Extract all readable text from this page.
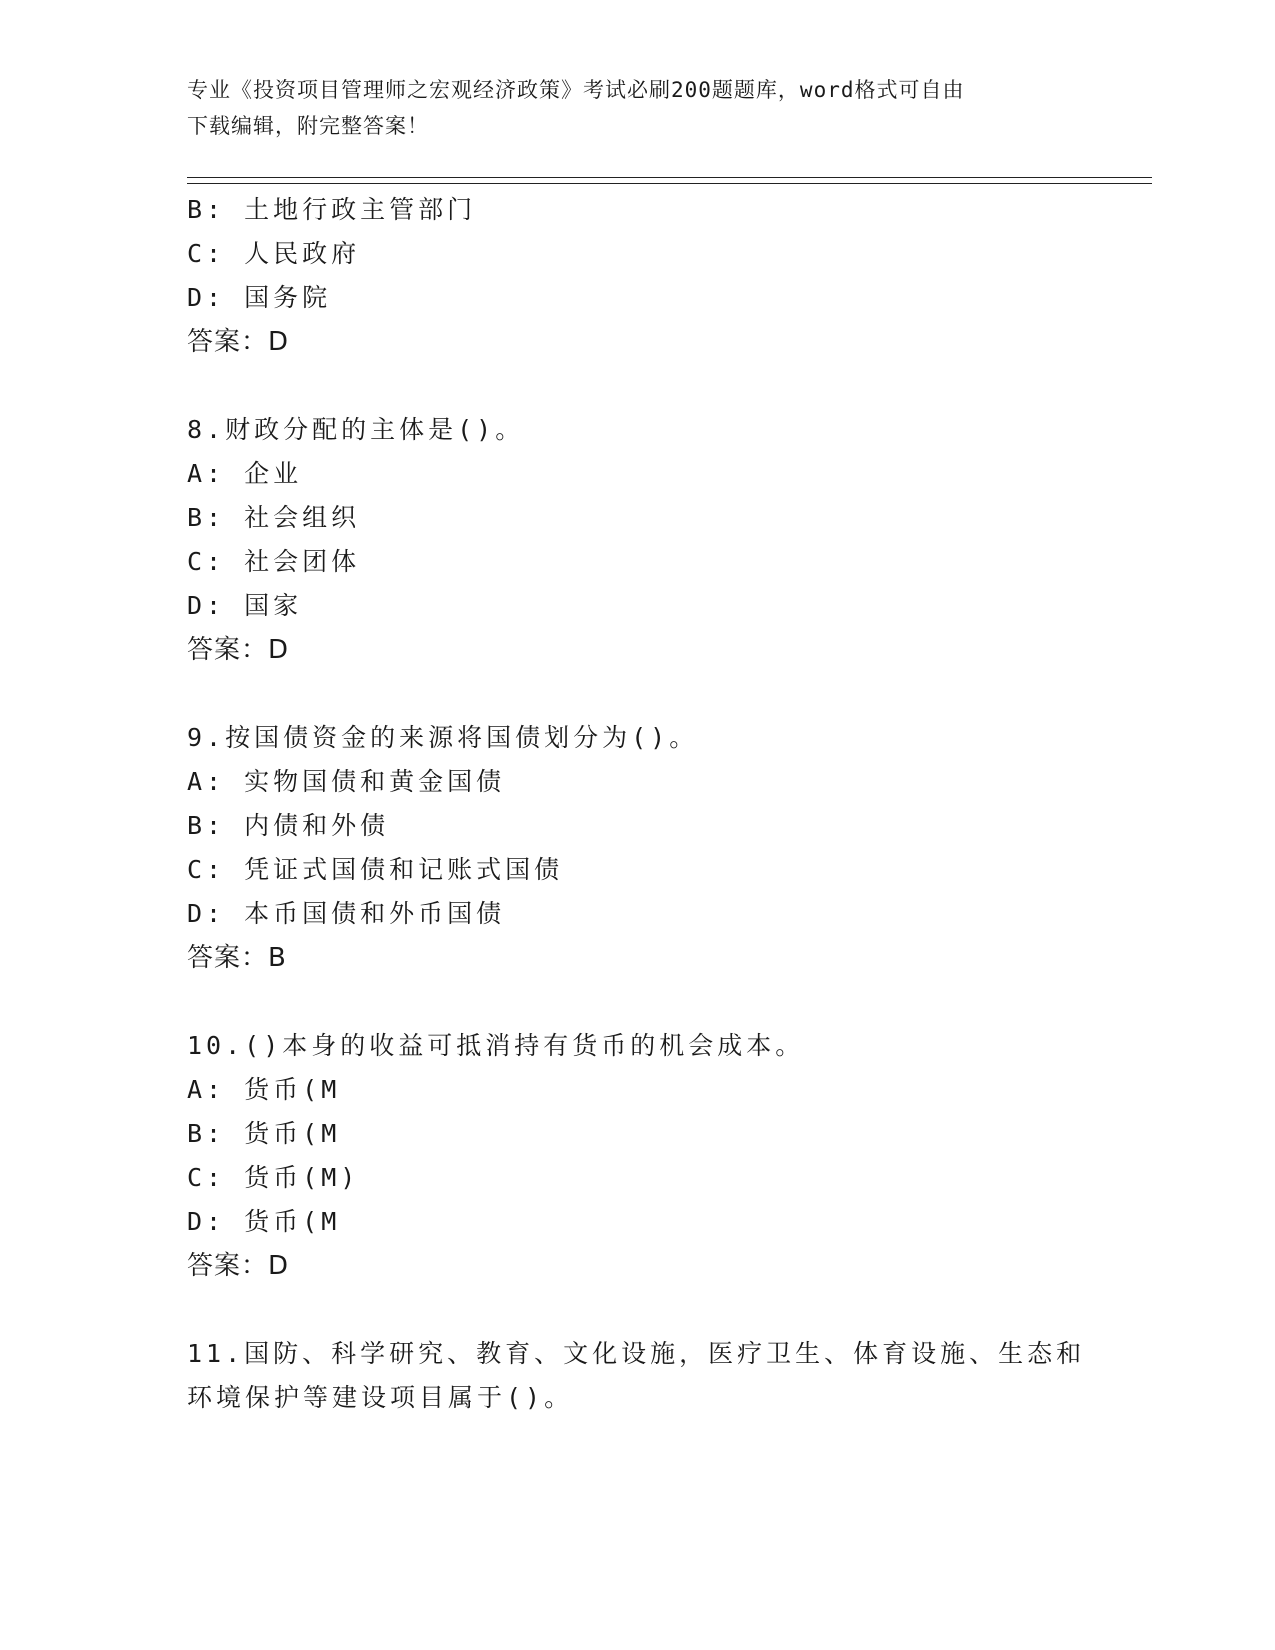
专业《投资项目管理师之宏观经济政策》考试必刷200题题库，word格式可自由
下载编辑，附完整答案！
B: 土地行政主管部门
C: 人民政府
D: 国务院
答案：D
8.财政分配的主体是()。
A: 企业
B: 社会组织
C: 社会团体
D: 国家
答案：D
9.按国债资金的来源将国债划分为()。
A: 实物国债和黄金国债
B: 内债和外债
C: 凭证式国债和记账式国债
D: 本币国债和外币国债
答案：B
10.()本身的收益可抵消持有货币的机会成本。
A: 货币(M
B: 货币(M
C: 货币(M)
D: 货币(M
答案：D
11.国防、科学研究、教育、文化设施，医疗卫生、体育设施、生态和
环境保护等建设项目属于()。
